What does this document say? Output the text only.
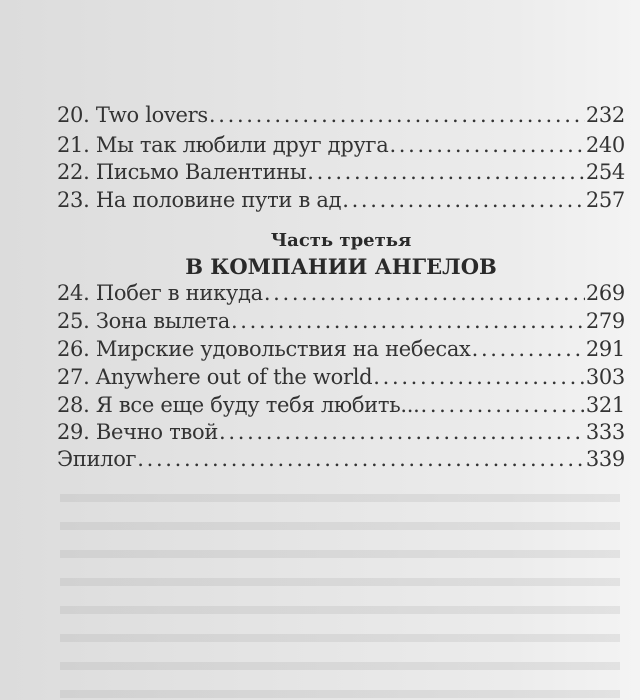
20. Two lovers . . .	232
21. Мы так любили друг друга . . .	240
22. Письмо Валентины . . .	254
23. На половине пути в ад . . .	257
Часть третья
В КОМПАНИИ АНГЕЛОВ
24. Побег в никуда . . .	269
25. Зона вылета . . .	279
26. Мирские удовольствия на небесах . . .	291
27. Anywhere out of the world . . .	303
28. Я все еще буду тебя любить... . . .	321
29. Вечно твой . . .	333
Эпилог . . .	339
